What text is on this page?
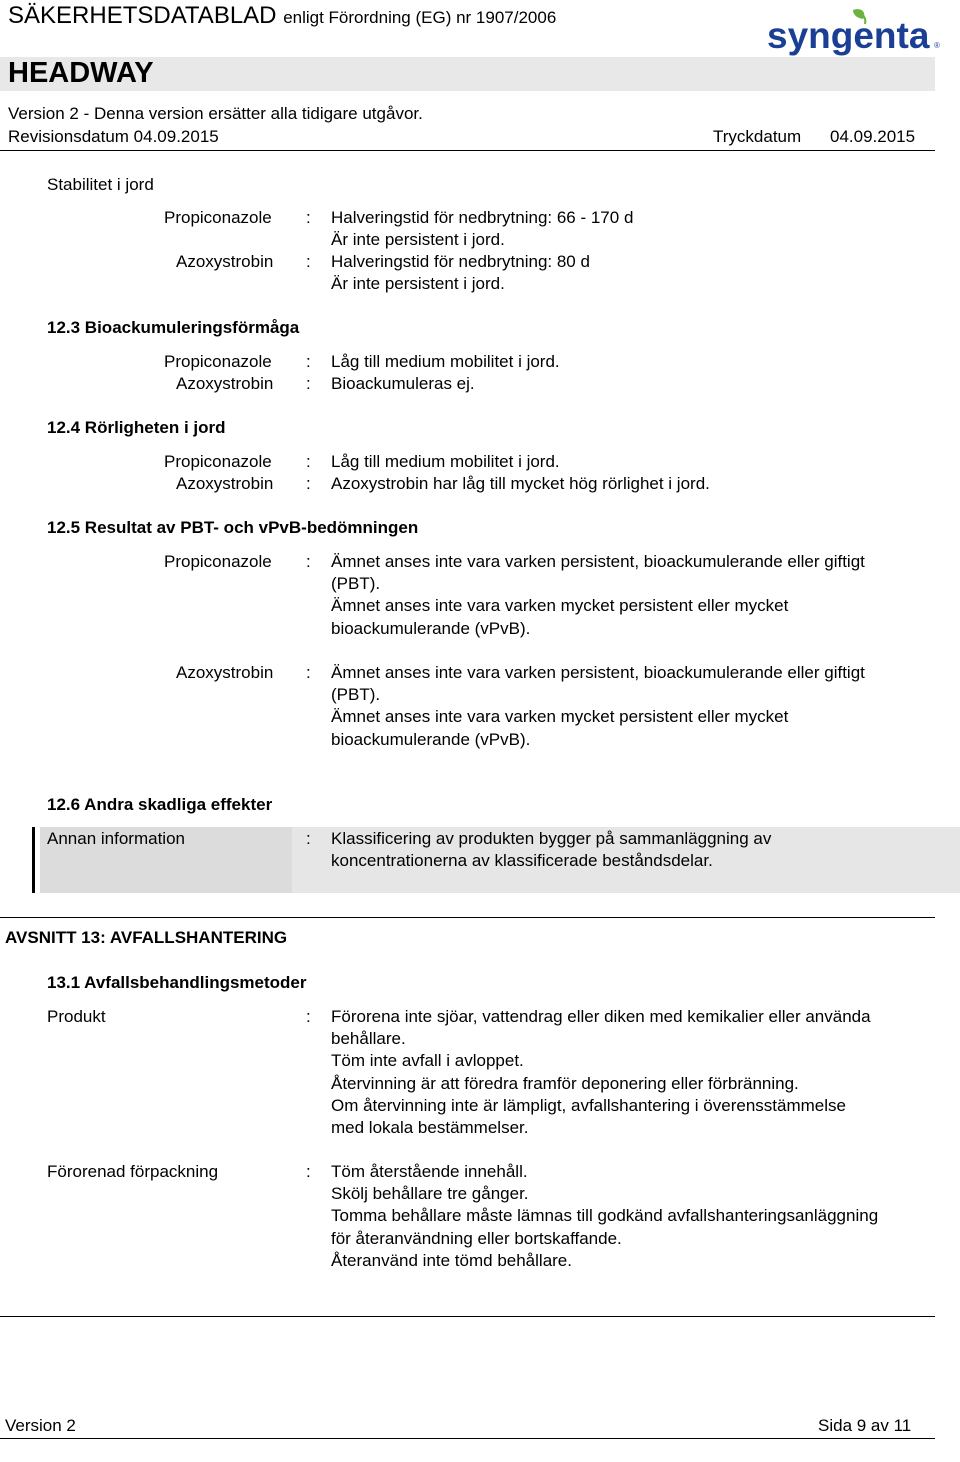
SÄKERHETSDATABLAD enligt Förordning (EG) nr 1907/2006	syngenta ®
HEADWAY
Version 2 - Denna version ersätter alla tidigare utgåvor.
Revisionsdatum 04.09.2015	Tryckdatum 04.09.2015
Stabilitet i jord
Propiconazole : Halveringstid för nedbrytning: 66 - 170 d
Är inte persistent i jord.
Azoxystrobin : Halveringstid för nedbrytning: 80 d
Är inte persistent i jord.
12.3 Bioackumuleringsförmåga
Propiconazole : Låg till medium mobilitet i jord.
Azoxystrobin : Bioackumuleras ej.
12.4 Rörligheten i jord
Propiconazole : Låg till medium mobilitet i jord.
Azoxystrobin : Azoxystrobin har låg till mycket hög rörlighet i jord.
12.5 Resultat av PBT- och vPvB-bedömningen
Propiconazole : Ämnet anses inte vara varken persistent, bioackumulerande eller giftigt
(PBT).
Ämnet anses inte vara varken mycket persistent eller mycket
bioackumulerande (vPvB).
Azoxystrobin : Ämnet anses inte vara varken persistent, bioackumulerande eller giftigt
(PBT).
Ämnet anses inte vara varken mycket persistent eller mycket
bioackumulerande (vPvB).
12.6 Andra skadliga effekter
Annan information	: Klassificering av produkten bygger på sammanläggning av
koncentrationerna av klassificerade beståndsdelar.
AVSNITT 13: AVFALLSHANTERING
13.1 Avfallsbehandlingsmetoder
Produkt	: Förorena inte sjöar, vattendrag eller diken med kemikalier eller använda
behållare.
Töm inte avfall i avloppet.
Återvinning är att föredra framför deponering eller förbränning.
Om återvinning inte är lämpligt, avfallshantering i överensstämmelse
med lokala bestämmelser.
Förorenad förpackning	: Töm återstående innehåll.
Skölj behållare tre gånger.
Tomma behållare måste lämnas till godkänd avfallshanteringsanläggning
för återanvändning eller bortskaffande.
Återanvänd inte tömd behållare.
Version 2	Sida 9 av 11
